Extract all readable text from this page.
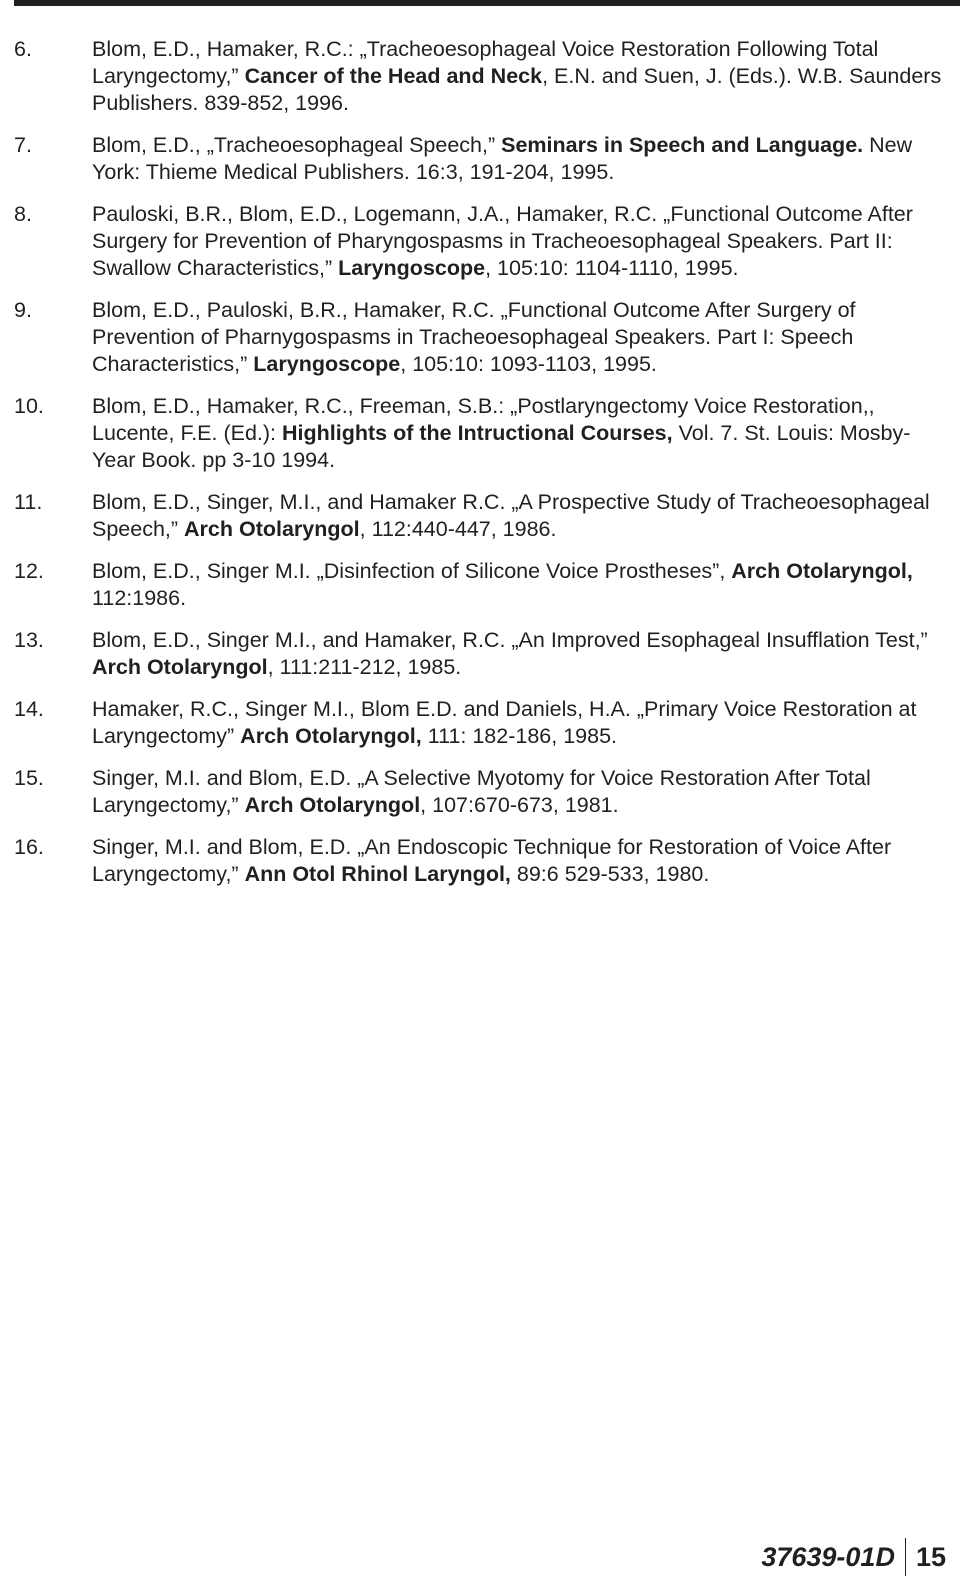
6.	Blom, E.D., Hamaker, R.C.: „Tracheoesophageal Voice Restoration Following Total Laryngectomy,” Cancer of the Head and Neck, E.N. and Suen, J. (Eds.). W.B. Saunders Publishers. 839-852, 1996.
7.	Blom, E.D., „Tracheoesophageal Speech,” Seminars in Speech and Language. New York: Thieme Medical Publishers. 16:3, 191-204, 1995.
8.	Pauloski, B.R., Blom, E.D., Logemann, J.A., Hamaker, R.C. „Functional Outcome After Surgery for Prevention of Pharyngospasms in Tracheoesophageal Speakers. Part II: Swallow Characteristics,” Laryngoscope, 105:10: 1104-1110, 1995.
9.	Blom, E.D., Pauloski, B.R., Hamaker, R.C. „Functional Outcome After Surgery of Prevention of Pharnygospasms in Tracheoesophageal Speakers. Part I: Speech Characteristics,” Laryngoscope, 105:10: 1093-1103, 1995.
10. Blom, E.D., Hamaker, R.C., Freeman, S.B.: „Postlaryngectomy Voice Restoration,, Lucente, F.E. (Ed.): Highlights of the Intructional Courses, Vol. 7. St. Louis: Mosby-Year Book. pp 3-10 1994.
11. Blom, E.D., Singer, M.I., and Hamaker R.C. „A Prospective Study of Tracheoesophageal Speech,” Arch Otolaryngol, 112:440-447, 1986.
12. Blom, E.D., Singer M.I. „Disinfection of Silicone Voice Prostheses”, Arch Otolaryngol, 112:1986.
13. Blom, E.D., Singer M.I., and Hamaker, R.C. „An Improved Esophageal Insufflation Test,” Arch Otolaryngol, 111:211-212, 1985.
14. Hamaker, R.C., Singer M.I., Blom E.D. and Daniels, H.A. „Primary Voice Restoration at Laryngectomy” Arch Otolaryngol, 111: 182-186, 1985.
15. Singer, M.I. and Blom, E.D. „A Selective Myotomy for Voice Restoration After Total Laryngectomy,” Arch Otolaryngol, 107:670-673, 1981.
16. Singer, M.I. and Blom, E.D. „An Endoscopic Technique for Restoration of Voice After Laryngectomy,” Ann Otol Rhinol Laryngol, 89:6 529-533, 1980.
37639-01D 15
